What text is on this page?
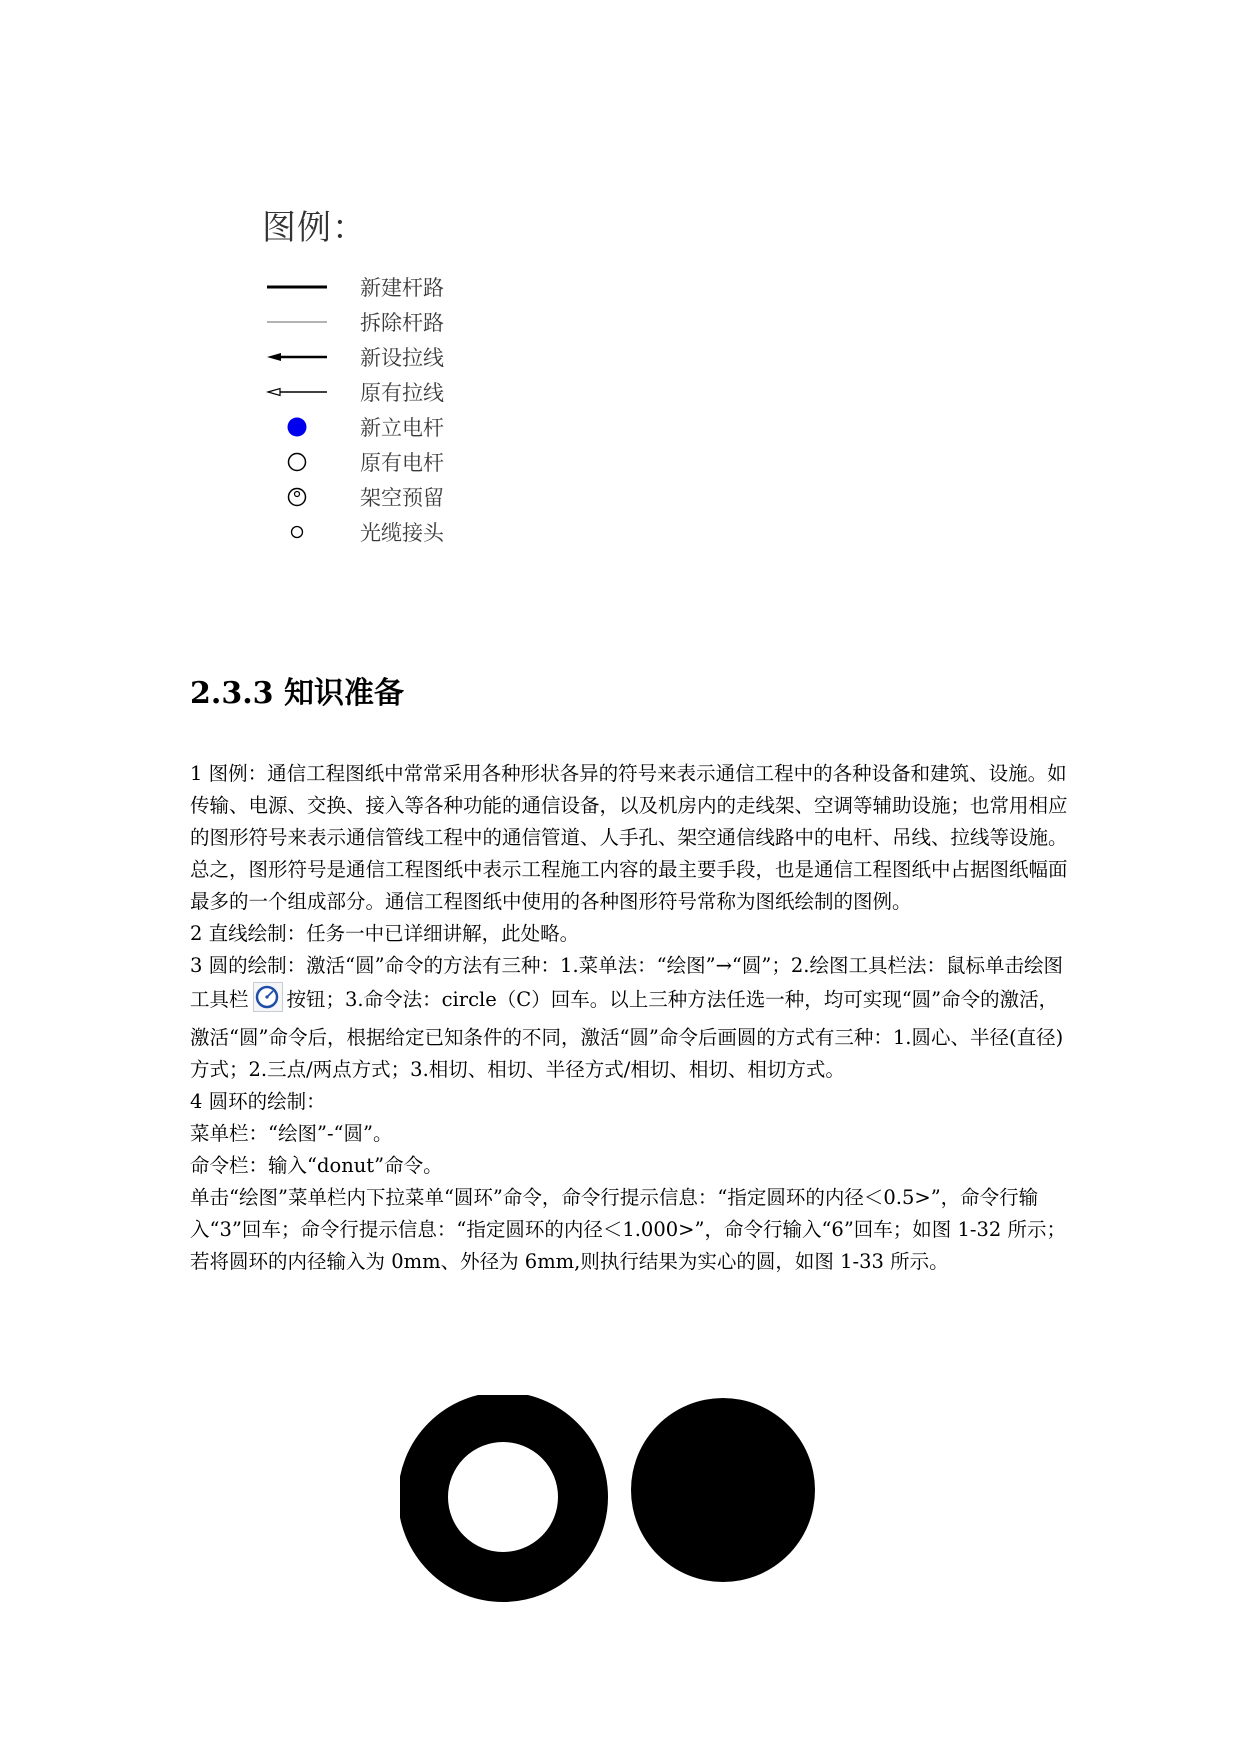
图例：
新建杆路
拆除杆路
新设拉线
原有拉线
新立电杆
原有电杆
架空预留
光缆接头
2.3.3 知识准备

1 图例：通信工程图纸中常常采用各种形状各异的符号来表示通信工程中的各种设备和建筑、设施。如传输、电源、交换、接入等各种功能的通信设备，以及机房内的走线架、空调等辅助设施；也常用相应的图形符号来表示通信管线工程中的通信管道、人手孔、架空通信线路中的电杆、吊线、拉线等设施。总之，图形符号是通信工程图纸中表示工程施工内容的最主要手段，也是通信工程图纸中占据图纸幅面最多的一个组成部分。通信工程图纸中使用的各种图形符号常称为图纸绘制的图例。

2 直线绘制：任务一中已详细讲解，此处略。

3 圆的绘制：激活“圆”命令的方法有三种：1.菜单法：“绘图”→“圆”；2.绘图工具栏法：鼠标单击绘图工具栏 按钮；3.命令法：circle（C）回车。以上三种方法任选一种，均可实现“圆”命令的激活，激活“圆”命令后，根据给定已知条件的不同，激活“圆”命令后画圆的方式有三种：1.圆心、半径(直径)方式；2.三点/两点方式；3.相切、相切、半径方式/相切、相切、相切方式。

4 圆环的绘制：

菜单栏：“绘图”-“圆”。

命令栏：输入“donut”命令。

单击“绘图”菜单栏内下拉菜单“圆环”命令，命令行提示信息：“指定圆环的内径＜0.5>”，命令行输入“3”回车；命令行提示信息：“指定圆环的内径＜1.000>”，命令行输入“6”回车；如图 1-32 所示；若将圆环的内径输入为 0mm、外径为 6mm,则执行结果为实心的圆，如图 1-33 所示。
